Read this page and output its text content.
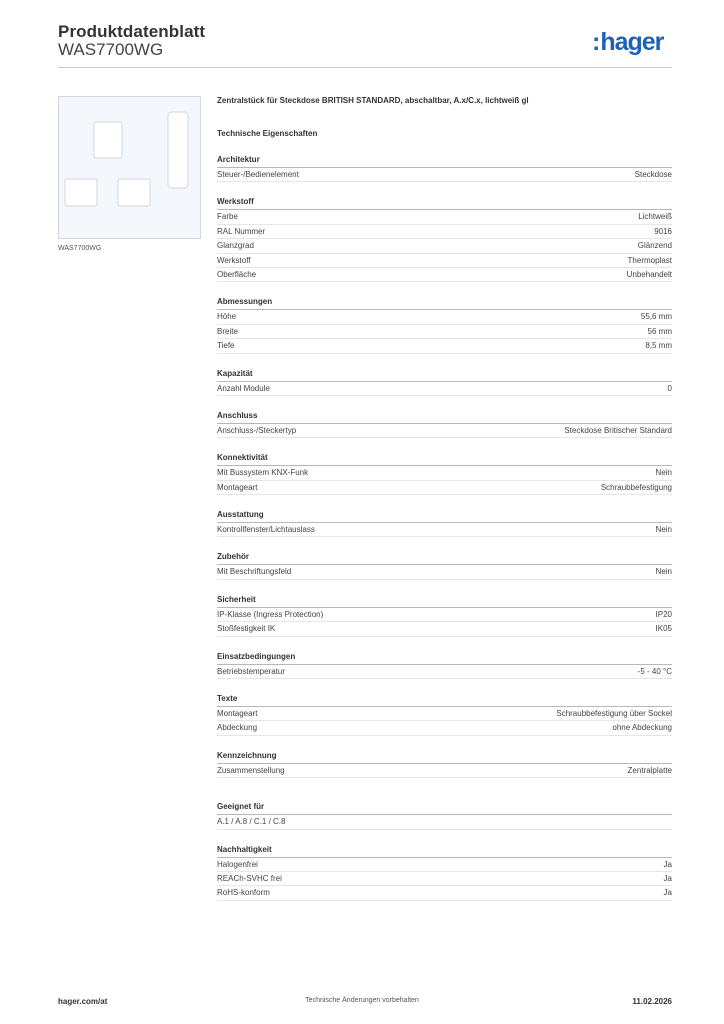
Produktdatenblatt
WAS7700WG	:hager
WAS7700WG
Zentralstück für Steckdose BRITISH STANDARD, abschaltbar, A.x/C.x, lichtweiß gl
Technische Eigenschaften
Architektur
Steuer-/Bedienelement	Steckdose
Werkstoff
Farbe	Lichtweiß
RAL Nummer	9016
Glanzgrad	Glänzend
Werkstoff	Thermoplast
Oberfläche	Unbehandelt
Abmessungen
Höhe	55,6 mm
Breite	56 mm
Tiefe	8,5 mm
Kapazität
Anzahl Module	0
Anschluss
Anschluss-/Steckertyp	Steckdose Britischer Standard
Konnektivität
Mit Bussystem KNX-Funk	Nein
Montageart	Schraubbefestigung
Ausstattung
Kontrollfenster/Lichtauslass	Nein
Zubehör
Mit Beschriftungsfeld	Nein
Sicherheit
IP-Klasse (Ingress Protection)	IP20
Stoßfestigkeit IK	IK05
Einsatzbedingungen
Betriebstemperatur	-5 - 40 °C
Texte
Montageart	Schraubbefestigung über Sockel
Abdeckung	ohne Abdeckung
Kennzeichnung
Zusammenstellung	Zentralplatte
Geeignet für
A.1 / A.8 / C.1 / C.8
Nachhaltigkeit
Halogenfrei	Ja
REACh-SVHC frei	Ja
RoHS-konform	Ja
hager.com/at	Technische Änderungen vorbehalten	11.02.2026
